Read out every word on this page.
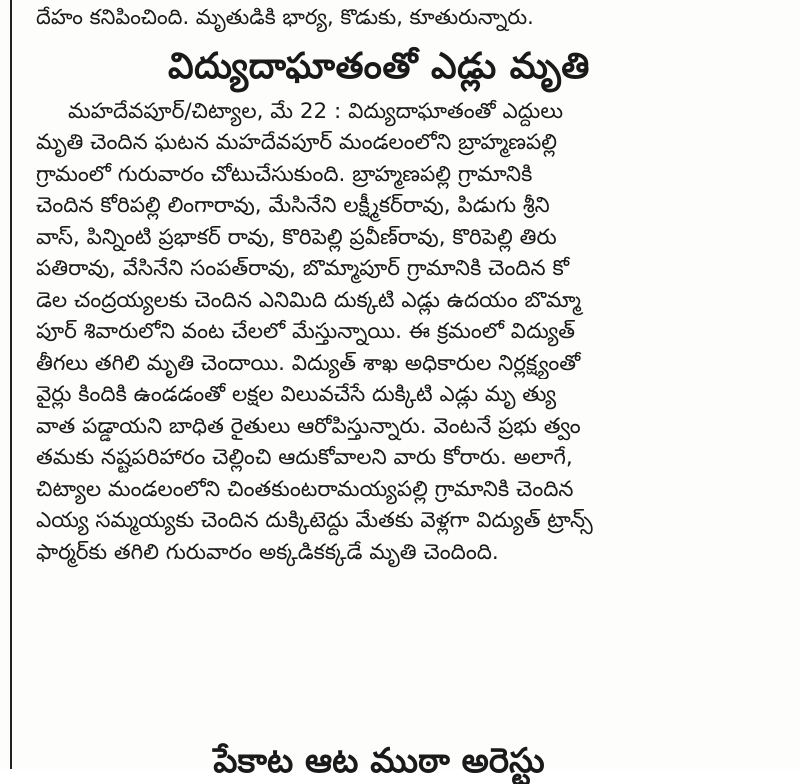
దేహం కనిపించింది. మృతుడికి భార్య, కొడుకు, కూతురున్నారు.

విద్యుదాఘాతంతో ఎడ్లు మృతి

మహదేవపూర్/చిట్యాల, మే 22 : విద్యుదాఘాతంతో ఎద్దులు
మృతి చెందిన ఘటన మహదేవపూర్ మండలంలోని బ్రాహ్మణపల్లి
గ్రామంలో గురువారం చోటుచేసుకుంది. బ్రాహ్మణపల్లి గ్రామానికి
చెందిన కోరిపల్లి లింగారావు, మేసినేని లక్ష్మీకర్‌రావు, పిడుగు శ్రీని
వాస్, పిన్నింటి ప్రభాకర్ రావు, కొరిపెల్లి ప్రవీణ్‌రావు, కొరిపెల్లి తిరు
పతిరావు, వేసినేని సంపత్‌రావు, బొమ్మాపూర్ గ్రామానికి చెందిన కో
డెల చంద్రయ్యలకు చెందిన ఎనిమిది దుక్కటి ఎడ్లు ఉదయం బొమ్మా
పూర్ శివారులోని వంట చేలలో మేస్తున్నాయి. ఈ క్రమంలో విద్యుత్
తీగలు తగిలి మృతి చెందాయి. విద్యుత్ శాఖ అధికారుల నిర్లక్ష్యంతో
వైర్లు కిందికి ఉండడంతో లక్షల విలువచేసే దుక్కిటి ఎడ్లు మృ త్యు
వాత పడ్డాయని బాధిత రైతులు ఆరోపిస్తున్నారు. వెంటనే ప్రభు త్వం
తమకు నష్టపరిహారం చెల్లించి ఆదుకోవాలని వారు కోరారు. అలాగే,
చిట్యాల మండలంలోని చింతకుంటరామయ్యపల్లి గ్రామానికి చెందిన
ఎయ్య సమ్మయ్యకు చెందిన దుక్కిటెద్దు మేతకు వెళ్లగా విద్యుత్ ట్రాన్స్
ఫార్మర్‌కు తగిలి గురువారం అక్కడికక్కడే మృతి చెందింది.

పేకాట ఆట ముఠా అరెస్టు
